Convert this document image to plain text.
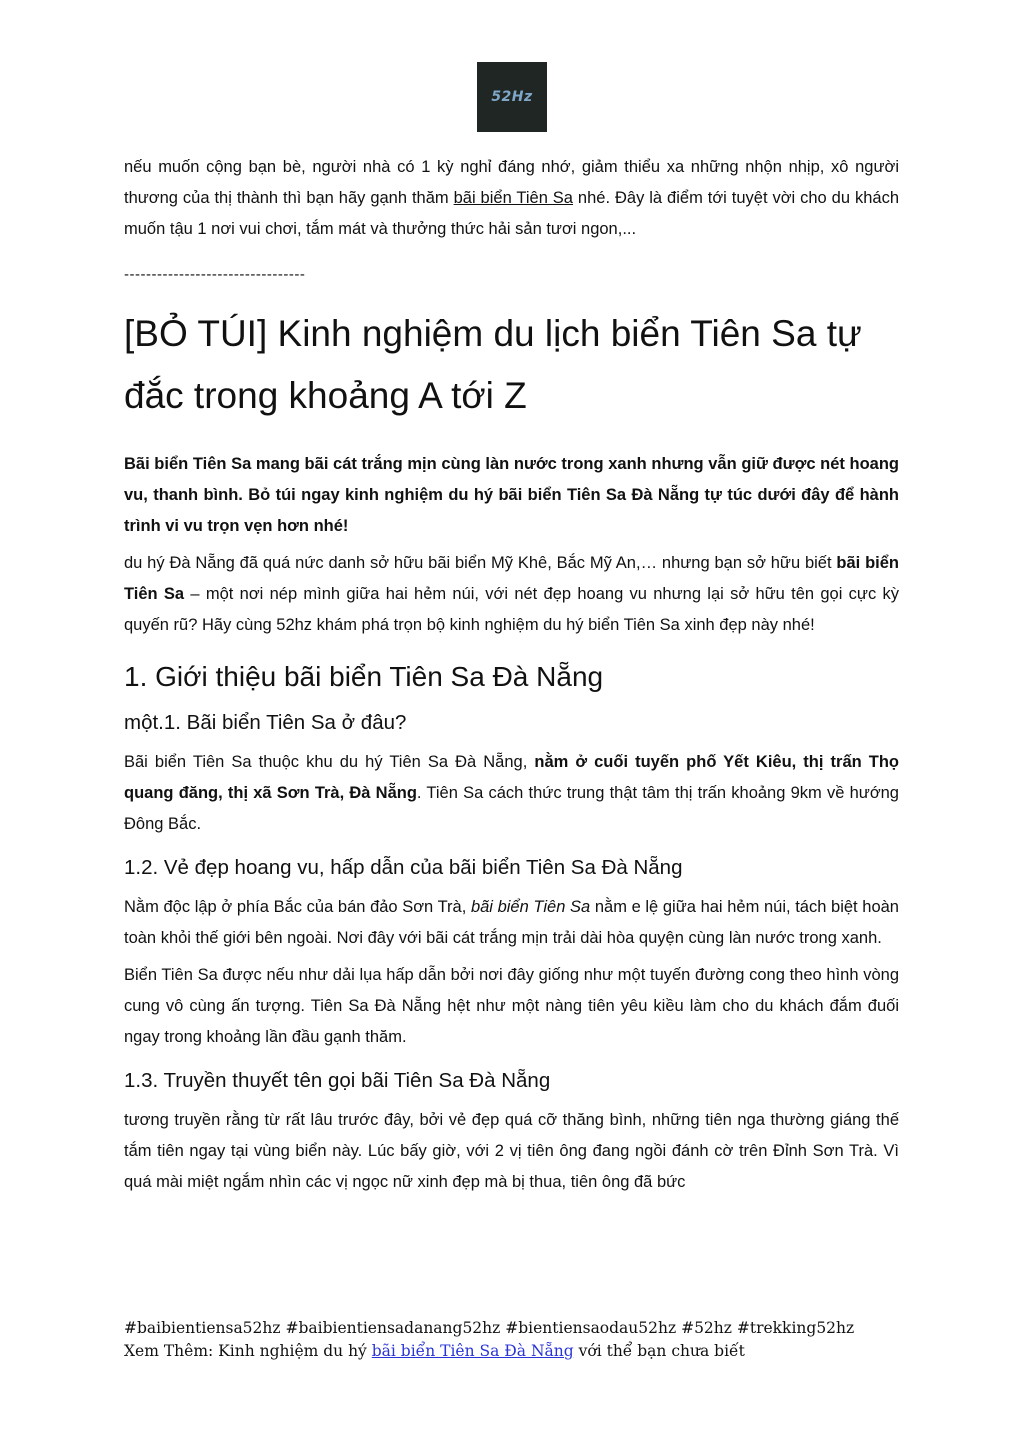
52Hz

nếu muốn cộng bạn bè, người nhà có 1 kỳ nghỉ đáng nhớ, giảm thiểu xa những nhộn nhịp, xô người thương của thị thành thì bạn hãy gạnh thăm bãi biển Tiên Sa nhé. Đây là điểm tới tuyệt vời cho du khách muốn tậu 1 nơi vui chơi, tắm mát và thưởng thức hải sản tươi ngon,...

---------------------------------
[BỎ TÚI] Kinh nghiệm du lịch biển Tiên Sa tự đắc trong khoảng A tới Z

Bãi biển Tiên Sa mang bãi cát trắng mịn cùng làn nước trong xanh nhưng vẫn giữ được nét hoang vu, thanh bình. Bỏ túi ngay kinh nghiệm du hý bãi biển Tiên Sa Đà Nẵng tự túc dưới đây để hành trình vi vu trọn vẹn hơn nhé!

du hý Đà Nẵng đã quá nức danh sở hữu bãi biển Mỹ Khê, Bắc Mỹ An,… nhưng bạn sở hữu biết bãi biển Tiên Sa – một nơi nép mình giữa hai hẻm núi, với nét đẹp hoang vu nhưng lại sở hữu tên gọi cực kỳ quyến rũ? Hãy cùng 52hz khám phá trọn bộ kinh nghiệm du hý biển Tiên Sa xinh đẹp này nhé!

1. Giới thiệu bãi biển Tiên Sa Đà Nẵng
một.1. Bãi biển Tiên Sa ở đâu?

Bãi biển Tiên Sa thuộc khu du hý Tiên Sa Đà Nẵng, nằm ở cuối tuyến phố Yết Kiêu, thị trấn Thọ quang đăng, thị xã Sơn Trà, Đà Nẵng. Tiên Sa cách thức trung thật tâm thị trấn khoảng 9km về hướng Đông Bắc.

1.2. Vẻ đẹp hoang vu, hấp dẫn của bãi biển Tiên Sa Đà Nẵng

Nằm độc lập ở phía Bắc của bán đảo Sơn Trà, bãi biển Tiên Sa nằm e lệ giữa hai hẻm núi, tách biệt hoàn toàn khỏi thế giới bên ngoài. Nơi đây với bãi cát trắng mịn trải dài hòa quyện cùng làn nước trong xanh.

Biển Tiên Sa được nếu như dải lụa hấp dẫn bởi nơi đây giống như một tuyến đường cong theo hình vòng cung vô cùng ấn tượng. Tiên Sa Đà Nẵng hệt như một nàng tiên yêu kiều làm cho du khách đắm đuối ngay trong khoảng lần đầu gạnh thăm.

1.3. Truyền thuyết tên gọi bãi Tiên Sa Đà Nẵng

tương truyền rằng từ rất lâu trước đây, bởi vẻ đẹp quá cỡ thăng bình, những tiên nga thường giáng thế tắm tiên ngay tại vùng biển này. Lúc bấy giờ, với 2 vị tiên ông đang ngồi đánh cờ trên Đỉnh Sơn Trà. Vì quá mài miệt ngắm nhìn các vị ngọc nữ xinh đẹp mà bị thua, tiên ông đã bức

#baibientiensa52hz #baibientiensadanang52hz #bientiensaodau52hz #52hz #trekking52hz
Xem Thêm: Kinh nghiệm du hý bãi biển Tiên Sa Đà Nẵng với thể bạn chưa biết
